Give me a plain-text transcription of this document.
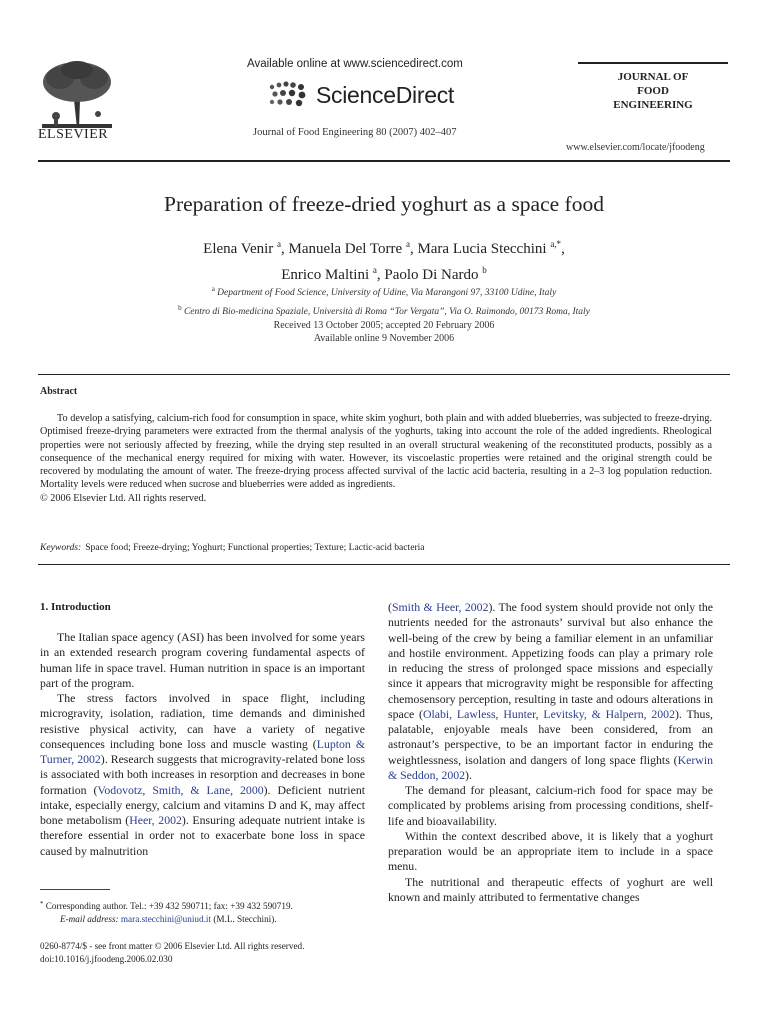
ELSEVIER
Available online at www.sciencedirect.com
ScienceDirect
Journal of Food Engineering 80 (2007) 402–407
JOURNAL OF
FOOD
ENGINEERING
www.elsevier.com/locate/jfoodeng
Preparation of freeze-dried yoghurt as a space food
Elena Venir $^a$, Manuela Del Torre $^a$, Mara Lucia Stecchini $^{a,*}$,
Enrico Maltini $^a$, Paolo Di Nardo $^b$
$^a$ Department of Food Science, University of Udine, Via Marangoni 97, 33100 Udine, Italy
$^b$ Centro di Bio-medicina Spaziale, Università di Roma “Tor Vergata”, Via O. Raimondo, 00173 Roma, Italy
Received 13 October 2005; accepted 20 February 2006
Available online 9 November 2006
Abstract

To develop a satisfying, calcium-rich food for consumption in space, white skim yoghurt, both plain and with added blueberries, was subjected to freeze-drying. Optimised freeze-drying parameters were extracted from the thermal analysis of the yoghurts, taking into account the role of the added ingredients. Rheological properties were not seriously affected by freezing, while the drying step resulted in an overall structural weakening of the reconstituted products, possibly as a consequence of the mechanical energy required for mixing with water. However, its viscoelastic properties were retained and the original strength could be recovered by modulating the amount of water. The freeze-drying process affected survival of the lactic acid bacteria, resulting in a 2–3 log population reduction. Mortality levels were reduced when sucrose and blueberries were added as ingredients.

© 2006 Elsevier Ltd. All rights reserved.

Keywords: Space food; Freeze-drying; Yoghurt; Functional properties; Texture; Lactic-acid bacteria
1. Introduction

The Italian space agency (ASI) has been involved for some years in an extended research program covering fundamental aspects of human life in space travel. Human nutrition in space is an important part of the program.

The stress factors involved in space flight, including microgravity, isolation, radiation, time demands and diminished resistive physical activity, can have a variety of negative consequences including bone loss and muscle wasting (Lupton & Turner, 2002). Research suggests that microgravity-related bone loss is associated with both increases in resorption and decreases in bone formation (Vodovotz, Smith, & Lane, 2000). Deficient nutrient intake, especially energy, calcium and vitamins D and K, may affect bone metabolism (Heer, 2002). Ensuring adequate nutrient intake is therefore essential in order not to exacerbate bone loss in space caused by malnutrition

(Smith & Heer, 2002). The food system should provide not only the nutrients needed for the astronauts’ survival but also enhance the well-being of the crew by being a familiar element in an unfamiliar and hostile environment. Appetizing foods can play a primary role in reducing the stress of prolonged space missions and especially since it appears that microgravity might be responsible for affecting chemosensory perception, resulting in taste and odours alterations in space (Olabi, Lawless, Hunter, Levitsky, & Halpern, 2002). Thus, palatable, enjoyable meals have been considered, from an astronaut’s perspective, to be an important factor in enduring the weightlessness, isolation and dangers of long space flights (Kerwin & Seddon, 2002).

The demand for pleasant, calcium-rich food for space may be complicated by problems arising from processing conditions, shelf-life and bioavailability.

Within the context described above, it is likely that a yoghurt preparation would be an appropriate item to include in a space menu.

The nutritional and therapeutic effects of yoghurt are well known and mainly attributed to fermentative changes

* Corresponding author. Tel.: +39 432 590711; fax: +39 432 590719.
E-mail address: mara.stecchini@uniud.it (M.L. Stecchini).
0260-8774/$ - see front matter © 2006 Elsevier Ltd. All rights reserved.
doi:10.1016/j.jfoodeng.2006.02.030
